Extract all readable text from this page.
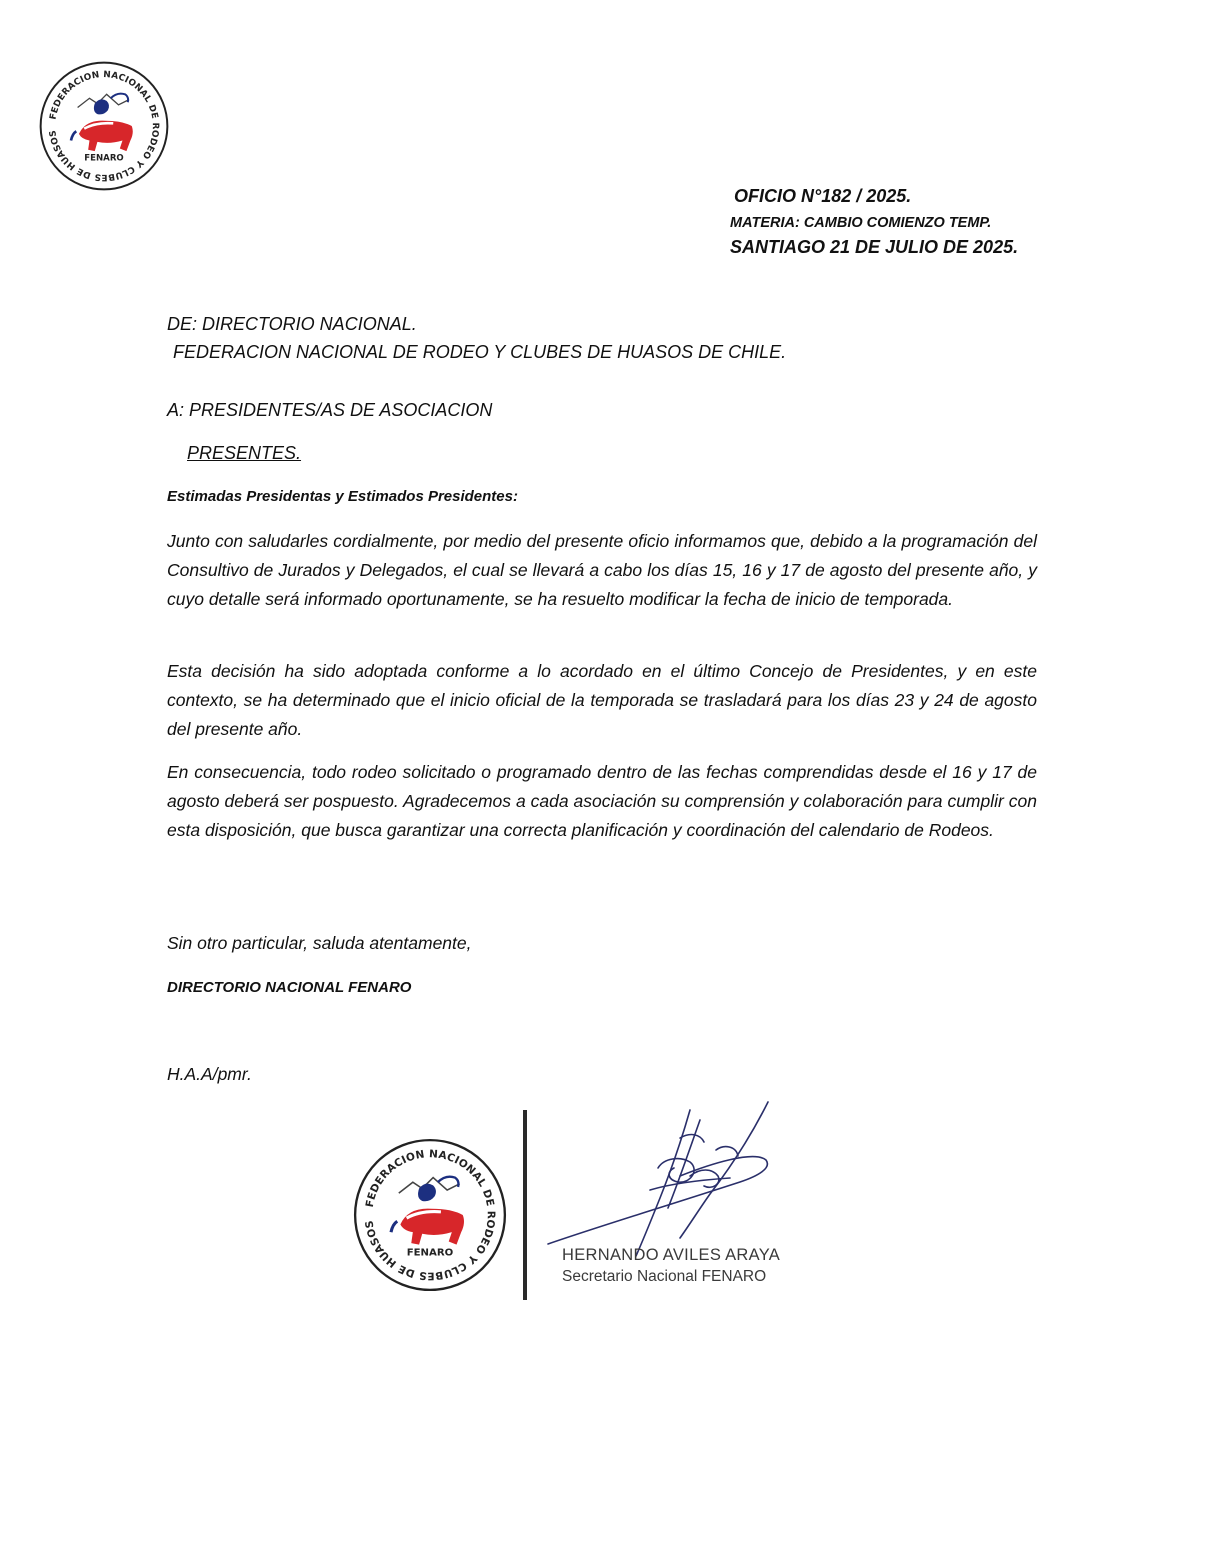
FEDERACION NACIONAL DE RODEO Y CLUBES DE HUASOS
FENARO
OFICIO N°182 / 2025.
MATERIA: CAMBIO COMIENZO TEMP.
SANTIAGO 21 DE JULIO DE 2025.
DE: DIRECTORIO NACIONAL.
FEDERACION NACIONAL DE RODEO Y CLUBES DE HUASOS DE CHILE.
A: PRESIDENTES/AS DE ASOCIACION
PRESENTES.
Estimadas Presidentas y Estimados Presidentes:
Junto con saludarles cordialmente, por medio del presente oficio informamos que, debido a la programación del Consultivo de Jurados y Delegados, el cual se llevará a cabo los días 15, 16 y 17 de agosto del presente año, y cuyo detalle será informado oportunamente, se ha resuelto modificar la fecha de inicio de temporada.
Esta decisión ha sido adoptada conforme a lo acordado en el último Concejo de Presidentes, y en este contexto, se ha determinado que el inicio oficial de la temporada se trasladará para los días 23 y 24 de agosto del presente año.
En consecuencia, todo rodeo solicitado o programado dentro de las fechas comprendidas desde el 16 y 17 de agosto deberá ser pospuesto. Agradecemos a cada asociación su comprensión y colaboración para cumplir con esta disposición, que busca garantizar una correcta planificación y coordinación del calendario de Rodeos.
Sin otro particular, saluda atentamente,
DIRECTORIO NACIONAL FENARO
H.A.A/pmr.
FEDERACION NACIONAL DE RODEO Y CLUBES DE HUASOS
FENARO	HERNANDO AVILES ARAYA
Secretario Nacional FENARO
